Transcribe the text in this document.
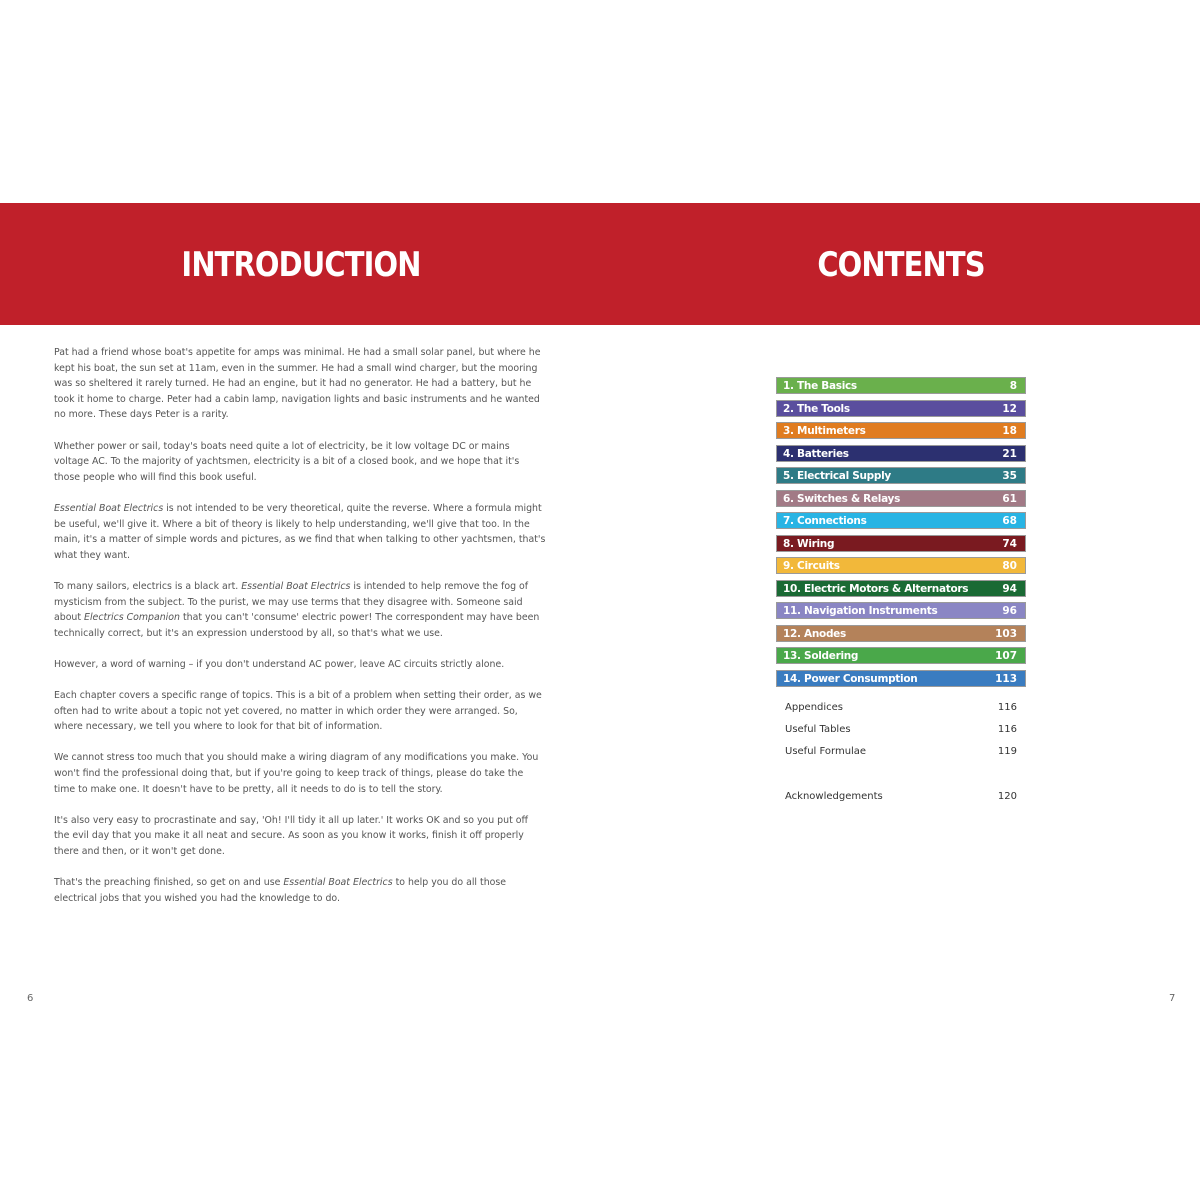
INTRODUCTION	CONTENTS

Pat had a friend whose boat's appetite for amps was minimal. He had a small solar panel, but where he kept his boat, the sun set at 11am, even in the summer. He had a small wind charger, but the mooring was so sheltered it rarely turned. He had an engine, but it had no generator. He had a battery, but he took it home to charge. Peter had a cabin lamp, navigation lights and basic instruments and he wanted no more. These days Peter is a rarity.

Whether power or sail, today's boats need quite a lot of electricity, be it low voltage DC or mains voltage AC. To the majority of yachtsmen, electricity is a bit of a closed book, and we hope that it's those people who will find this book useful.

Essential Boat Electrics is not intended to be very theoretical, quite the reverse. Where a formula might be useful, we'll give it. Where a bit of theory is likely to help understanding, we'll give that too. In the main, it's a matter of simple words and pictures, as we find that when talking to other yachtsmen, that's what they want.

To many sailors, electrics is a black art. Essential Boat Electrics is intended to help remove the fog of mysticism from the subject. To the purist, we may use terms that they disagree with. Someone said about Electrics Companion that you can't 'consume' electric power! The correspondent may have been technically correct, but it's an expression understood by all, so that's what we use.

However, a word of warning – if you don't understand AC power, leave AC circuits strictly alone.

Each chapter covers a specific range of topics. This is a bit of a problem when setting their order, as we often had to write about a topic not yet covered, no matter in which order they were arranged. So, where necessary, we tell you where to look for that bit of information.

We cannot stress too much that you should make a wiring diagram of any modifications you make. You won't find the professional doing that, but if you're going to keep track of things, please do take the time to make one. It doesn't have to be pretty, all it needs to do is to tell the story.

It's also very easy to procrastinate and say, 'Oh! I'll tidy it all up later.' It works OK and so you put off the evil day that you make it all neat and secure. As soon as you know it works, finish it off properly there and then, or it won't get done.

That's the preaching finished, so get on and use Essential Boat Electrics to help you do all those electrical jobs that you wished you had the knowledge to do.

1. The Basics	8
2. The Tools	12
3. Multimeters	18
4. Batteries	21
5. Electrical Supply	35
6. Switches & Relays	61
7. Connections	68
8. Wiring	74
9. Circuits	80
10. Electric Motors & Alternators	94
11. Navigation Instruments	96
12. Anodes	103
13. Soldering	107
14. Power Consumption	113
Appendices	116
Useful Tables	116
Useful Formulae	119
Acknowledgements	120
6	7
